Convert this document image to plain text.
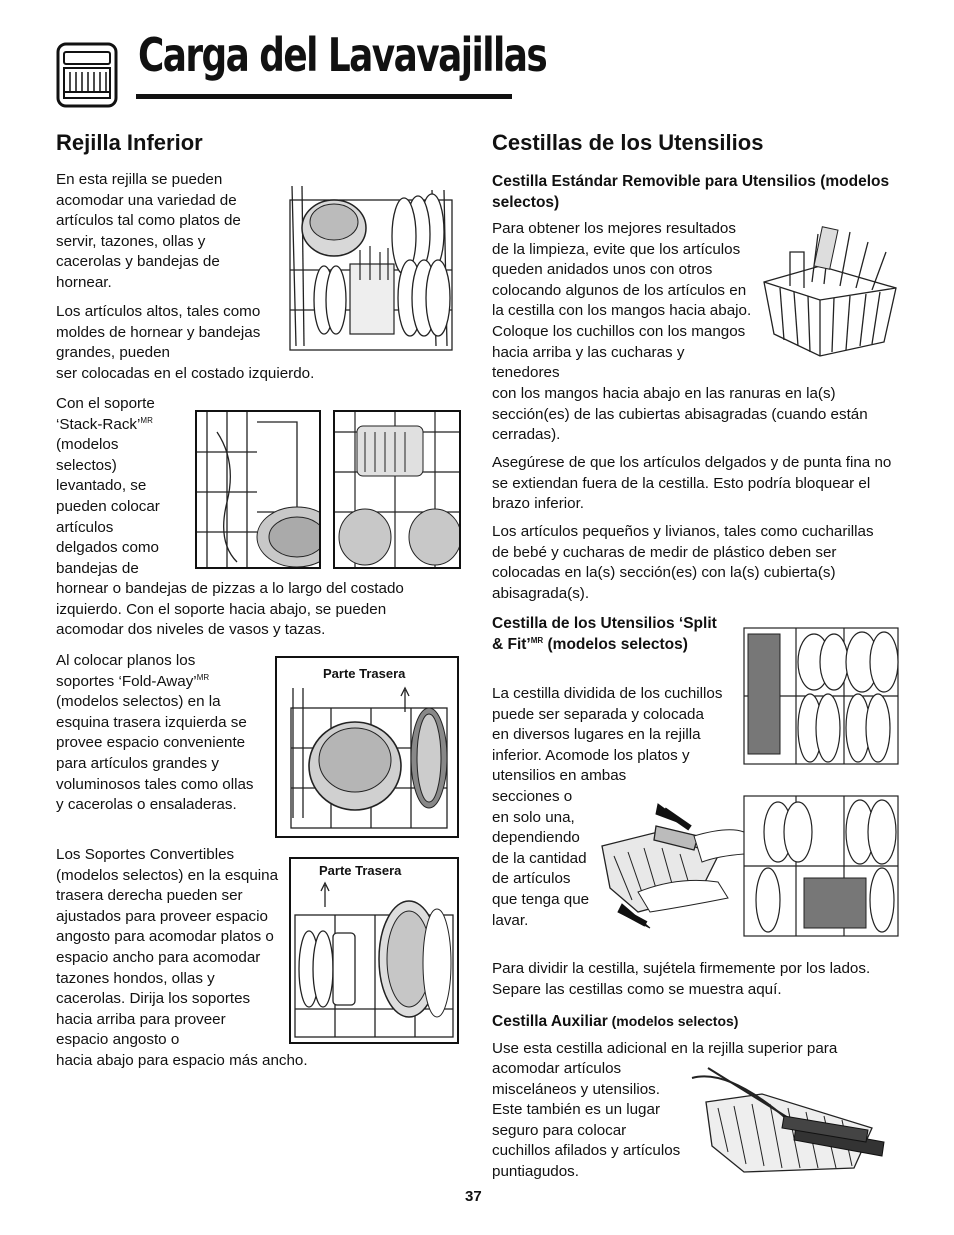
Carga del Lavavajillas
Rejilla Inferior

En esta rejilla se pueden acomodar una variedad de artículos tal como platos de servir, tazones, ollas y cacerolas y bandejas de hornear.

Los artículos altos, tales como moldes de hornear y bandejas grandes, pueden

ser colocadas en el costado izquierdo.

Con el soporte
‘Stack-Rack’$^{MR}$ (modelos selectos) levantado, se pueden colocar artículos delgados como bandejas de

hornear o bandejas de pizzas a lo largo del costado izquierdo. Con el soporte hacia abajo, se pueden acomodar dos niveles de vasos y tazas.

Al colocar planos los soportes ‘Fold-Away’$^{MR}$ (modelos selectos) en la esquina trasera izquierda se provee espacio conveniente para artículos grandes y voluminosos tales como ollas y cacerolas o ensaladeras.
Parte Trasera

Los Soportes Convertibles (modelos selectos) en la esquina trasera derecha pueden ser ajustados para proveer espacio angosto para acomodar platos o espacio ancho para acomodar tazones hondos, ollas y cacerolas. Dirija los soportes hacia arriba para proveer espacio angosto o

hacia abajo para espacio más ancho.

Parte Trasera
Cestillas de los Utensilios

Cestilla Estándar Removible para Utensilios (modelos selectos)

Para obtener los mejores resultados de la limpieza, evite que los artículos queden anidados unos con otros colocando algunos de los artículos en la cestilla con los mangos hacia abajo. Coloque los cuchillos con los mangos hacia arriba y las cucharas y tenedores

con los mangos hacia abajo en las ranuras en la(s) sección(es) de las cubiertas abisagradas (cuando están cerradas).

Asegúrese de que los artículos delgados y de punta fina no se extiendan fuera de la cestilla. Esto podría bloquear el brazo inferior.

Los artículos pequeños y livianos, tales como cucharillas de bebé y cucharas de medir de plástico deben ser colocadas en la(s) sección(es) con la(s) cubierta(s) abisagrada(s).

Cestilla de los Utensilios ‘Split & Fit’$^{MR}$ (modelos selectos)

La cestilla dividida de los cuchillos puede ser separada y colocada en diversos lugares en la rejilla inferior. Acomode los platos y utensilios en ambas

secciones o en solo una, dependiendo de la cantidad de artículos que tenga que lavar.

Para dividir la cestilla, sujétela firmemente por los lados. Separe las cestillas como se muestra aquí.

Cestilla Auxiliar (modelos selectos)

Use esta cestilla adicional en la rejilla superior para

acomodar artículos misceláneos y utensilios. Este también es un lugar seguro para colocar cuchillos afilados y artículos puntiagudos.

37
